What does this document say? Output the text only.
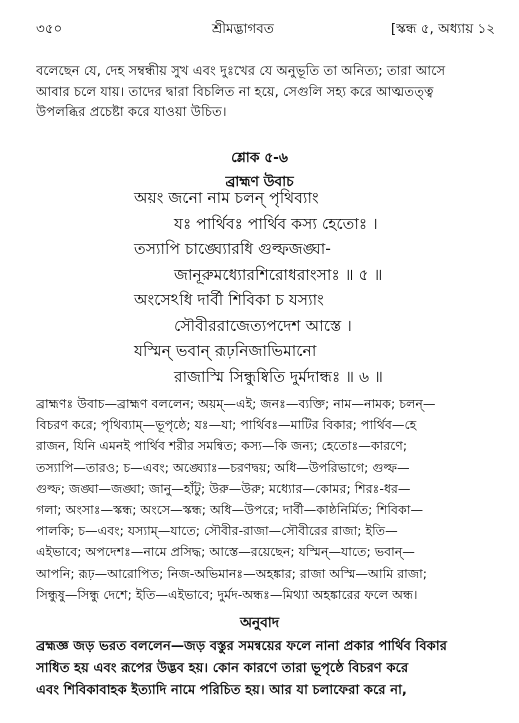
৩৫০	শ্রীমদ্ভাগবত	[স্কন্ধ ৫, অধ্যায় ১২
বলেছেন যে, দেহ সম্বন্ধীয় সুখ এবং দুঃখের যে অনুভূতি তা অনিত্য; তারা আসে
আবার চলে যায়। তাদের দ্বারা বিচলিত না হয়ে, সেগুলি সহ্য করে আত্মতত্ত্ব
উপলব্ধির প্রচেষ্টা করে যাওয়া উচিত।
শ্লোক ৫-৬
ব্রাহ্মণ উবাচ
অয়ং জনো নাম চলন্ পৃথিব্যাং
যঃ পার্থিবঃ পার্থিব কস্য হেতোঃ ।
তস্যাপি চাঙ্ঘ্যোরধি গুল্ফজঙ্ঘা-
জানূরুমধ্যোরশিরোধরাংসাঃ ॥ ৫ ॥
অংসেঽধি দার্বী শিবিকা চ যস্যাং
সৌবীররাজেত্যপদেশ আস্তে ।
যস্মিন্ ভবান্ রূঢ়নিজাভিমানো
রাজাস্মি সিন্ধুষ্বিতি দুর্মদান্ধঃ ॥ ৬ ॥
ব্রাহ্মণঃ উবাচ—ব্রাহ্মণ বললেন; অয়ম্—এই; জনঃ—ব্যক্তি; নাম—নামক; চলন্—
বিচরণ করে; পৃথিব্যাম্—ভূপৃষ্ঠে; যঃ—যা; পার্থিবঃ—মাটির বিকার; পার্থিব—হে
রাজন, যিনি এমনই পার্থিব শরীর সমন্বিত; কস্য—কি জন্য; হেতোঃ—কারণে;
তস্যাপি—তারও; চ—এবং; অঙ্ঘ্যোঃ—চরণদ্বয়; অধি—উপরিভাগে; গুল্ফ—
গুল্ফ; জঙ্ঘা—জঙ্ঘা; জানু—হাঁটু; উরু—উরু; মধ্যোর—কোমর; শিরঃ-ধর—
গলা; অংসাঃ—স্কন্ধ; অংসে—স্কন্ধ; অধি—উপরে; দার্বী—কাষ্ঠনির্মিত; শিবিকা—
পালকি; চ—এবং; যস্যাম্—যাতে; সৌবীর-রাজা—সৌবীরের রাজা; ইতি—
এইভাবে; অপদেশঃ—নামে প্রসিদ্ধ; আস্তে—রয়েছেন; যস্মিন্—যাতে; ভবান্—
আপনি; রূঢ়—আরোপিত; নিজ-অভিমানঃ—অহঙ্কার; রাজা অস্মি—আমি রাজা;
সিন্ধুষু—সিন্ধু দেশে; ইতি—এইভাবে; দুর্মদ-অন্ধঃ—মিথ্যা অহঙ্কারের ফলে অন্ধ।
অনুবাদ
ব্রহ্মজ্ঞ জড় ভরত বললেন—জড় বস্তুর সমন্বয়ের ফলে নানা প্রকার পার্থিব বিকার
সাধিত হয় এবং রূপের উদ্ভব হয়। কোন কারণে তারা ভূপৃষ্ঠে বিচরণ করে
এবং শিবিকাবাহক ইত্যাদি নামে পরিচিত হয়। আর যা চলাফেরা করে না,
